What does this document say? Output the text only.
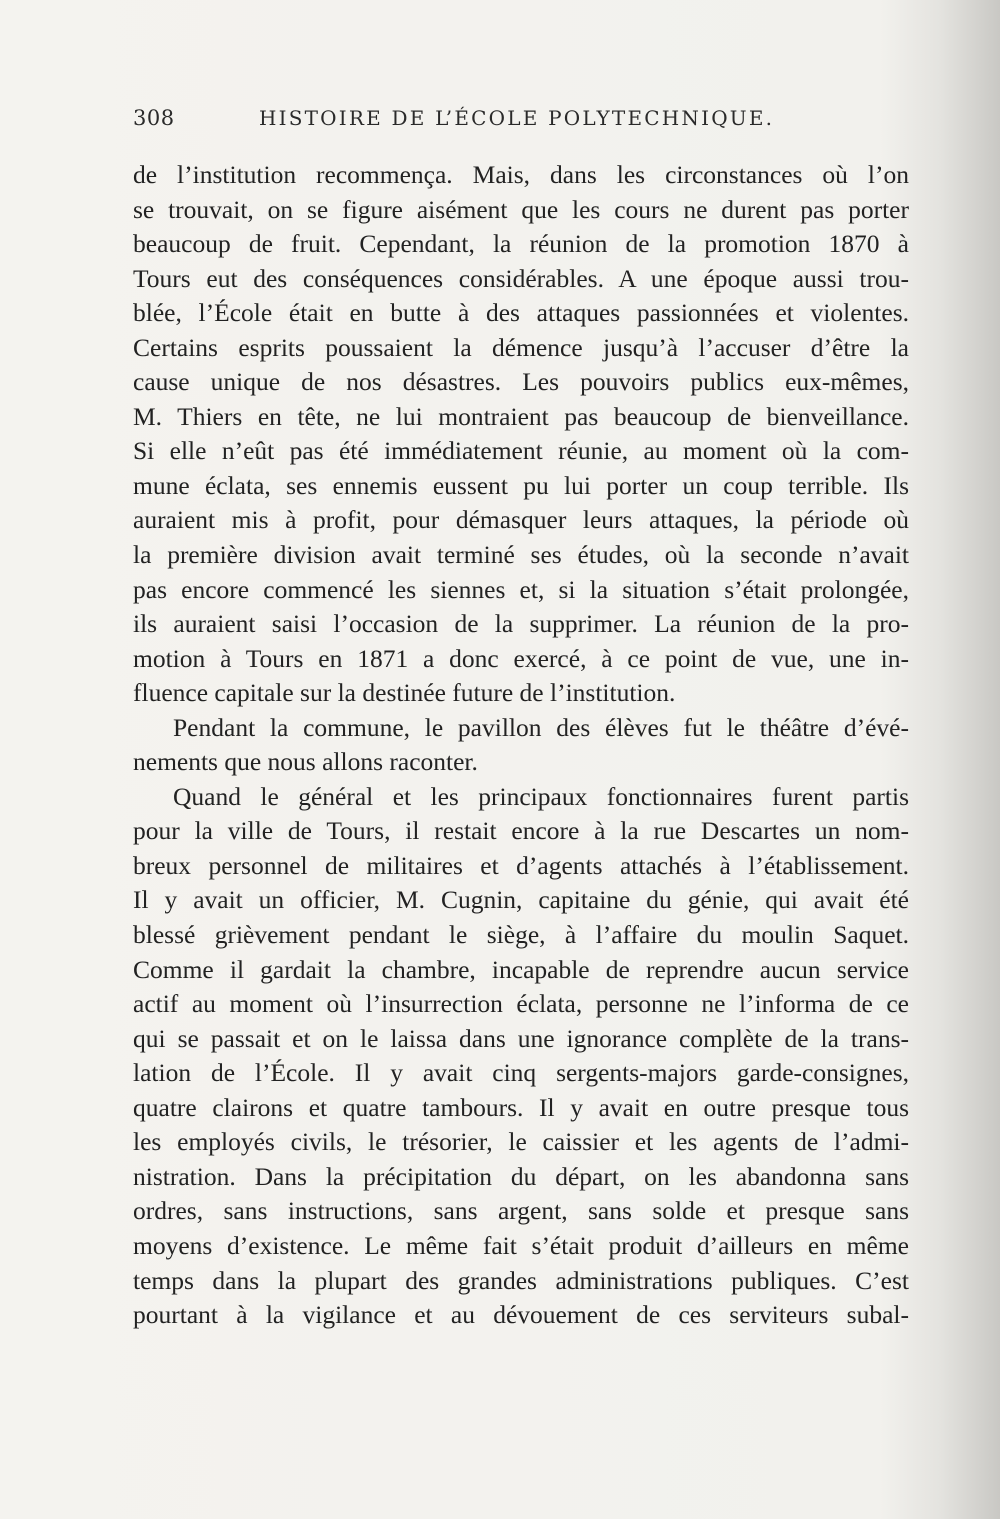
308	HISTOIRE DE L’ÉCOLE POLYTECHNIQUE.
de l’institution recommença. Mais, dans les circonstances où l’on
se trouvait, on se figure aisément que les cours ne durent pas porter
beaucoup de fruit. Cependant, la réunion de la promotion 1870 à
Tours eut des conséquences considérables. A une époque aussi trou-
blée, l’École était en butte à des attaques passionnées et violentes.
Certains esprits poussaient la démence jusqu’à l’accuser d’être la
cause unique de nos désastres. Les pouvoirs publics eux-mêmes,
M. Thiers en tête, ne lui montraient pas beaucoup de bienveillance.
Si elle n’eût pas été immédiatement réunie, au moment où la com-
mune éclata, ses ennemis eussent pu lui porter un coup terrible. Ils
auraient mis à profit, pour démasquer leurs attaques, la période où
la première division avait terminé ses études, où la seconde n’avait
pas encore commencé les siennes et, si la situation s’était prolongée,
ils auraient saisi l’occasion de la supprimer. La réunion de la pro-
motion à Tours en 1871 a donc exercé, à ce point de vue, une in-
fluence capitale sur la destinée future de l’institution.
Pendant la commune, le pavillon des élèves fut le théâtre d’évé-
nements que nous allons raconter.
Quand le général et les principaux fonctionnaires furent partis
pour la ville de Tours, il restait encore à la rue Descartes un nom-
breux personnel de militaires et d’agents attachés à l’établissement.
Il y avait un officier, M. Cugnin, capitaine du génie, qui avait été
blessé grièvement pendant le siège, à l’affaire du moulin Saquet.
Comme il gardait la chambre, incapable de reprendre aucun service
actif au moment où l’insurrection éclata, personne ne l’informa de ce
qui se passait et on le laissa dans une ignorance complète de la trans-
lation de l’École. Il y avait cinq sergents-majors garde-consignes,
quatre clairons et quatre tambours. Il y avait en outre presque tous
les employés civils, le trésorier, le caissier et les agents de l’admi-
nistration. Dans la précipitation du départ, on les abandonna sans
ordres, sans instructions, sans argent, sans solde et presque sans
moyens d’existence. Le même fait s’était produit d’ailleurs en même
temps dans la plupart des grandes administrations publiques. C’est
pourtant à la vigilance et au dévouement de ces serviteurs subal-
